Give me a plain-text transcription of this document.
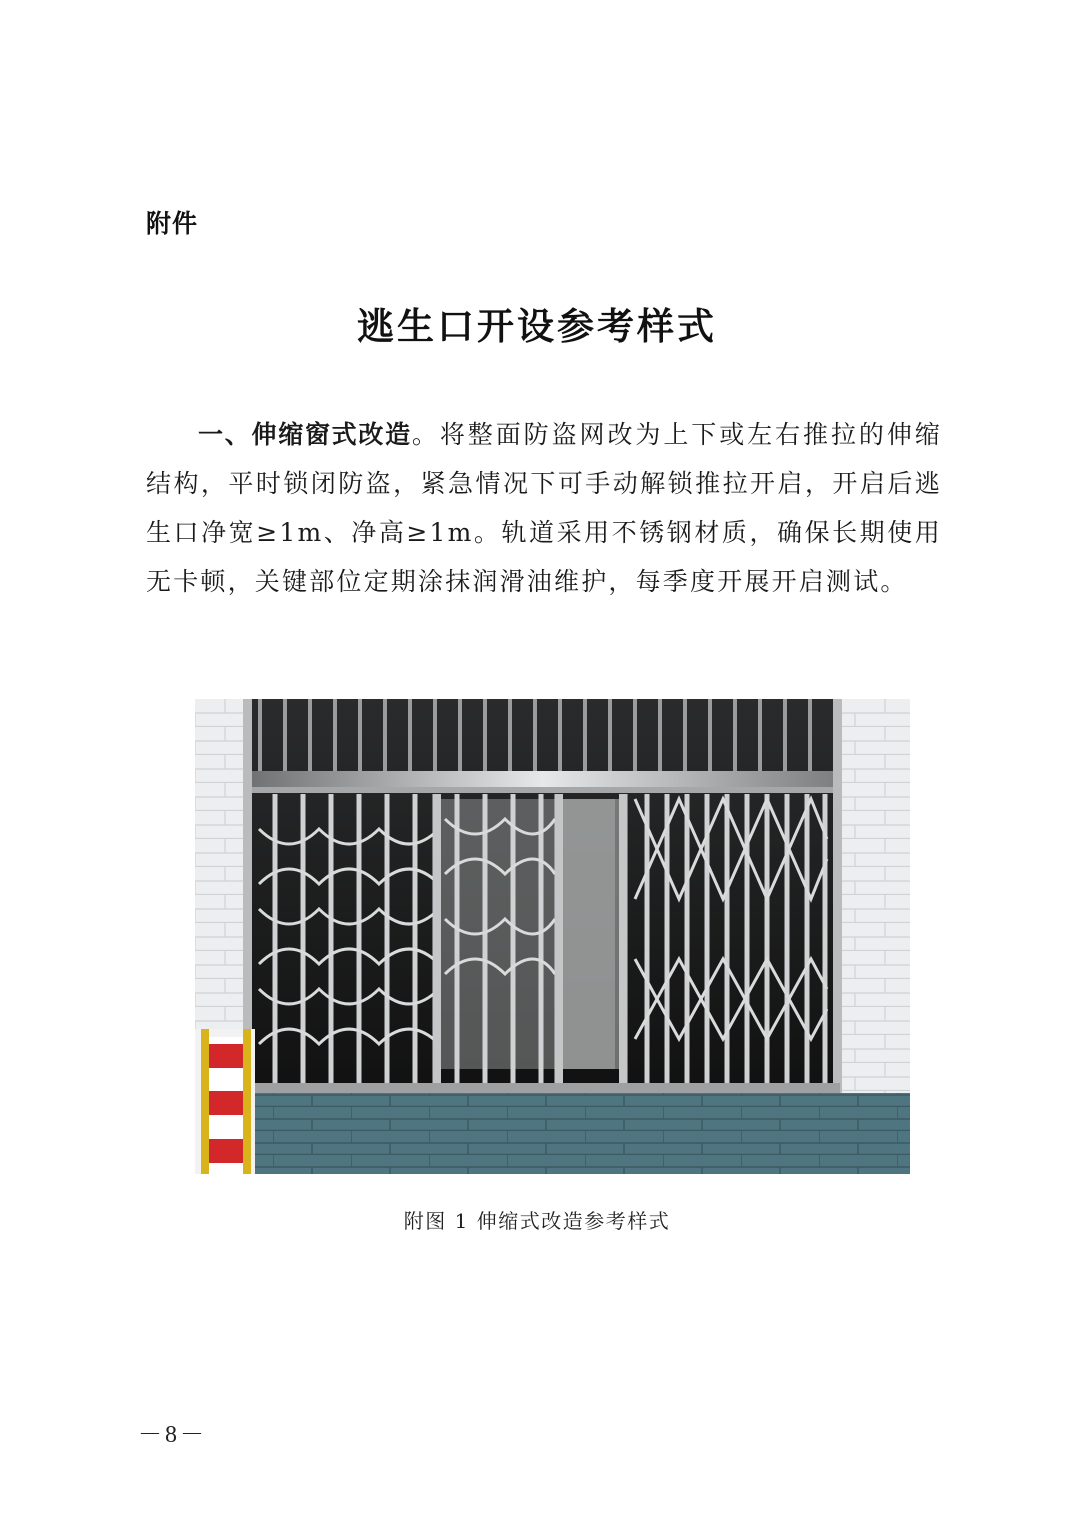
附件
逃生口开设参考样式
一、伸缩窗式改造。将整面防盗网改为上下或左右推拉的伸缩结构，平时锁闭防盗，紧急情况下可手动解锁推拉开启，开启后逃生口净宽≥1m、净高≥1m。轨道采用不锈钢材质，确保长期使用无卡顿，关键部位定期涂抹润滑油维护，每季度开展开启测试。
附图 1 伸缩式改造参考样式
－8－
